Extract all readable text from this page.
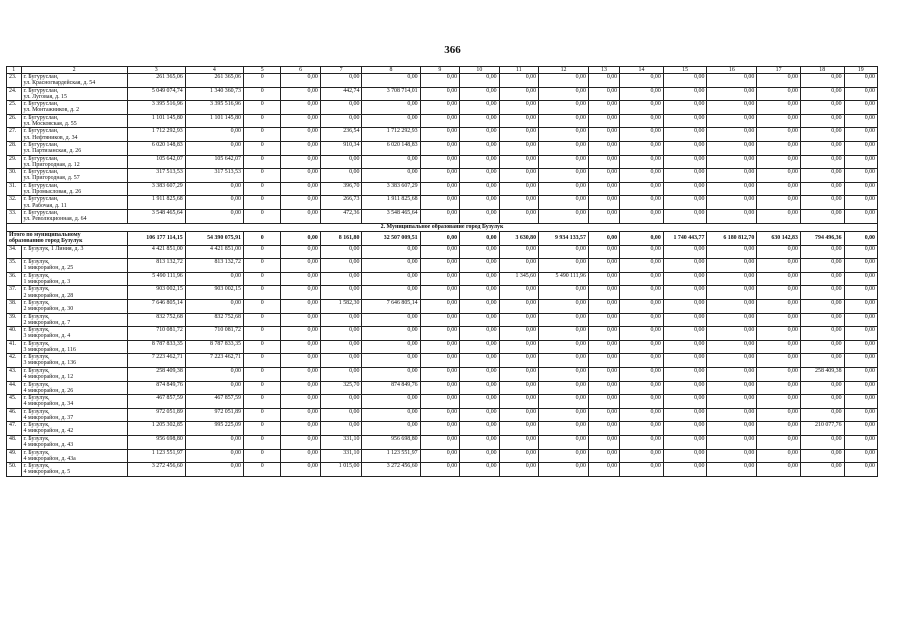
366
1	2	3	4	5	6	7	8	9	10	11	12	13	14	15	16	17	18	19
23.	г. Бугуруслан,
ул. Красногвардейская, д. 54	261 365,06	261 365,06	0	0,00	0,00	0,00	0,00	0,00	0,00	0,00	0,00	0,00	0,00	0,00	0,00	0,00	0,00
24.	г. Бугуруслан,
ул. Луговая, д. 15	5 049 074,74	1 340 360,73	0	0,00	442,74	3 708 714,01	0,00	0,00	0,00	0,00	0,00	0,00	0,00	0,00	0,00	0,00	0,00
25.	г. Бугуруслан,
ул. Монтажников, д. 2	3 395 516,96	3 395 516,96	0	0,00	0,00	0,00	0,00	0,00	0,00	0,00	0,00	0,00	0,00	0,00	0,00	0,00	0,00
26.	г. Бугуруслан,
ул. Московская, д. 55	1 101 145,80	1 101 145,80	0	0,00	0,00	0,00	0,00	0,00	0,00	0,00	0,00	0,00	0,00	0,00	0,00	0,00	0,00
27.	г. Бугуруслан,
ул. Нефтяников, д. 34	1 712 292,93	0,00	0	0,00	236,54	1 712 292,93	0,00	0,00	0,00	0,00	0,00	0,00	0,00	0,00	0,00	0,00	0,00
28.	г. Бугуруслан,
ул. Партизанская, д. 26	6 020 148,83	0,00	0	0,00	910,34	6 020 148,83	0,00	0,00	0,00	0,00	0,00	0,00	0,00	0,00	0,00	0,00	0,00
29.	г. Бугуруслан,
ул. Пригородная, д. 12	105 642,07	105 642,07	0	0,00	0,00	0,00	0,00	0,00	0,00	0,00	0,00	0,00	0,00	0,00	0,00	0,00	0,00
30.	г. Бугуруслан,
ул. Пригородная, д. 57	317 513,53	317 513,53	0	0,00	0,00	0,00	0,00	0,00	0,00	0,00	0,00	0,00	0,00	0,00	0,00	0,00	0,00
31.	г. Бугуруслан,
ул. Промысловая, д. 26	3 383 607,29	0,00	0	0,00	396,70	3 383 607,29	0,00	0,00	0,00	0,00	0,00	0,00	0,00	0,00	0,00	0,00	0,00
32.	г. Бугуруслан,
ул. Рабочая, д. 11	1 911 825,68	0,00	0	0,00	266,73	1 911 825,68	0,00	0,00	0,00	0,00	0,00	0,00	0,00	0,00	0,00	0,00	0,00
33.	г. Бугуруслан,
ул. Революционная, д. 64	3 548 465,64	0,00	0	0,00	472,36	3 548 465,64	0,00	0,00	0,00	0,00	0,00	0,00	0,00	0,00	0,00	0,00	0,00
2. Муниципальное образование город Бузулук																		

Итого по муниципальному
образованию город Бузулук		106 177 114,15	54 390 075,91	0	0,00	8 161,80	32 507 009,51	0,00	0,00	3 630,80	9 934 133,57	0,00	0,00	1 740 443,77	6 180 812,70	630 142,83	794 496,36	0,00
34.	г. Бузулук, 1 Линия, д. 3	4 421 851,00	4 421 851,00	0	0,00	0,00	0,00	0,00	0,00	0,00	0,00	0,00	0,00	0,00	0,00	0,00	0,00	0,00
35.	г. Бузулук,
1 микрорайон, д. 25	813 132,72	813 132,72	0	0,00	0,00	0,00	0,00	0,00	0,00	0,00	0,00	0,00	0,00	0,00	0,00	0,00	0,00
36.	г. Бузулук,
1 микрорайон, д. 3	5 490 111,96	0,00	0	0,00	0,00	0,00	0,00	0,00	1 345,60	5 490 111,96	0,00	0,00	0,00	0,00	0,00	0,00	0,00
37.	г. Бузулук,
2 микрорайон, д. 28	903 002,15	903 002,15	0	0,00	0,00	0,00	0,00	0,00	0,00	0,00	0,00	0,00	0,00	0,00	0,00	0,00	0,00
38.	г. Бузулук,
2 микрорайон, д. 30	7 646 805,14	0,00	0	0,00	1 582,30	7 646 805,14	0,00	0,00	0,00	0,00	0,00	0,00	0,00	0,00	0,00	0,00	0,00
39.	г. Бузулук,
2 микрорайон, д. 7	832 752,68	832 752,68	0	0,00	0,00	0,00	0,00	0,00	0,00	0,00	0,00	0,00	0,00	0,00	0,00	0,00	0,00
40.	г. Бузулук,
3 микрорайон, д. 4	710 081,72	710 081,72	0	0,00	0,00	0,00	0,00	0,00	0,00	0,00	0,00	0,00	0,00	0,00	0,00	0,00	0,00
41.	г. Бузулук,
3 микрорайон, д. 116	8 787 833,35	8 787 833,35	0	0,00	0,00	0,00	0,00	0,00	0,00	0,00	0,00	0,00	0,00	0,00	0,00	0,00	0,00
42.	г. Бузулук,
3 микрорайон, д. 136	7 223 462,71	7 223 462,71	0	0,00	0,00	0,00	0,00	0,00	0,00	0,00	0,00	0,00	0,00	0,00	0,00	0,00	0,00
43.	г. Бузулук,
4 микрорайон, д. 12	258 409,38	0,00	0	0,00	0,00	0,00	0,00	0,00	0,00	0,00	0,00	0,00	0,00	0,00	0,00	258 409,38	0,00
44.	г. Бузулук,
4 микрорайон, д. 26	874 849,76	0,00	0	0,00	325,70	874 849,76	0,00	0,00	0,00	0,00	0,00	0,00	0,00	0,00	0,00	0,00	0,00
45.	г. Бузулук,
4 микрорайон, д. 34	467 857,59	467 857,59	0	0,00	0,00	0,00	0,00	0,00	0,00	0,00	0,00	0,00	0,00	0,00	0,00	0,00	0,00
46.	г. Бузулук,
4 микрорайон, д. 37	972 051,89	972 051,89	0	0,00	0,00	0,00	0,00	0,00	0,00	0,00	0,00	0,00	0,00	0,00	0,00	0,00	0,00
47.	г. Бузулук,
4 микрорайон, д. 42	1 205 302,85	995 225,09	0	0,00	0,00	0,00	0,00	0,00	0,00	0,00	0,00	0,00	0,00	0,00	0,00	210 077,76	0,00
48.	г. Бузулук,
4 микрорайон, д. 43	956 698,80	0,00	0	0,00	331,10	956 698,80	0,00	0,00	0,00	0,00	0,00	0,00	0,00	0,00	0,00	0,00	0,00
49.	г. Бузулук,
4 микрорайон, д. 43а	1 123 551,97	0,00	0	0,00	331,10	1 123 551,97	0,00	0,00	0,00	0,00	0,00	0,00	0,00	0,00	0,00	0,00	0,00
50.	г. Бузулук,
4 микрорайон, д. 5	3 272 456,60	0,00	0	0,00	1 015,00	3 272 456,60	0,00	0,00	0,00	0,00	0,00	0,00	0,00	0,00	0,00	0,00	0,00
